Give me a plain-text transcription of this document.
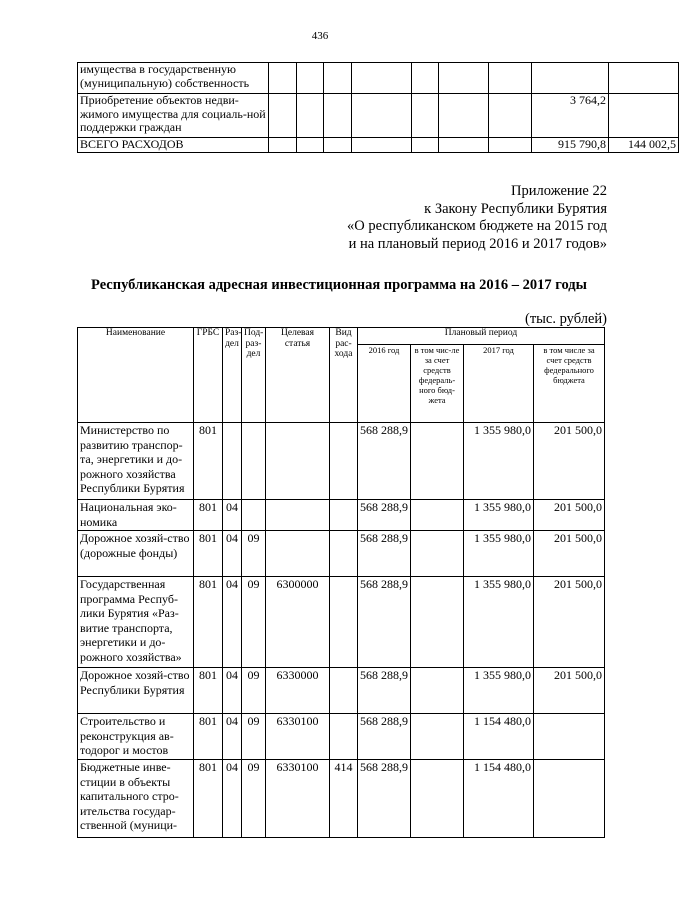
436
имущества в государственную (муниципальную) собственность									
Приобретение объектов недви-жимого имущества для социаль-ной поддержки граждан								3 764,2	
ВСЕГО РАСХОДОВ								915 790,8	144 002,5
Приложение 22
к Закону Республики Бурятия
«О республиканском бюджете на 2015 год
и на плановый период 2016 и 2017 годов»
Республиканская адресная инвестиционная программа на 2016 – 2017 годы
(тыс. рублей)
Наименование	ГРБС	Раз-дел	Под-раз-дел	Целевая статья	Вид рас-хода	Плановый период			
						2016 год	в том чис-ле за счет средств федераль-ного бюд-жета	2017 год	в том числе за счет средств федерального бюджета
Министерство по развитию транспор-та, энергетики и до-рожного хозяйства Республики Бурятия	801					568 288,9		1 355 980,0	201 500,0
Национальная эко-номика	801	04				568 288,9		1 355 980,0	201 500,0
Дорожное хозяй-ство (дорожные фонды)	801	04	09			568 288,9		1 355 980,0	201 500,0
Государственная программа Респуб-лики Бурятия «Раз-витие транспорта, энергетики и до-рожного хозяйства»	801	04	09	6300000		568 288,9		1 355 980,0	201 500,0
Дорожное хозяй-ство Республики Бурятия	801	04	09	6330000		568 288,9		1 355 980,0	201 500,0
Строительство и реконструкция ав-тодорог и мостов	801	04	09	6330100		568 288,9		1 154 480,0	
Бюджетные инве-стиции в объекты капитального стро-ительства государ-ственной (муници-	801	04	09	6330100	414	568 288,9		1 154 480,0	
